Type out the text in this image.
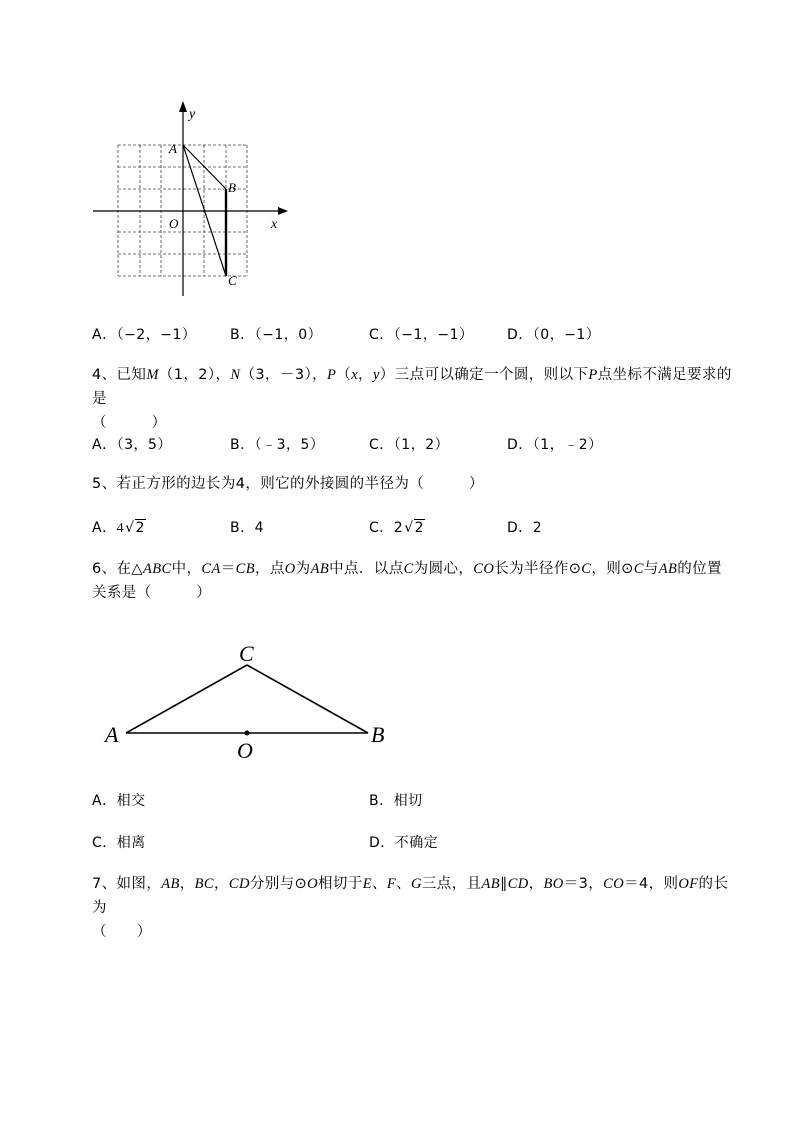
y
x
O
A
B
C
A．（−2，−1） B．（−1，0）	C．（−1，−1） D．（0，−1）
4、已知M（1，2），N（3，－3），P（x，y）三点可以确定一个圆，则以下P点坐标不满足要求的是
（　　　）
A．（3，5）	B．（﹣3，5）	C．（1，2）	D．（1，﹣2）
5、若正方形的边长为4，则它的外接圆的半径为（　　　）
A．4√2	B．4	C．2√2	D．2
6、在△ABC中，CA＝CB，点O为AB中点．以点C为圆心，CO长为半径作⊙C，则⊙C与AB的位置
关系是（　　　）
C
A	B
O
A．相交	B．相切
C．相离	D．不确定
7、如图，AB，BC，CD分别与⊙O相切于E、F、G三点，且AB∥CD，BO＝3，CO＝4，则OF的长为
（　　）
